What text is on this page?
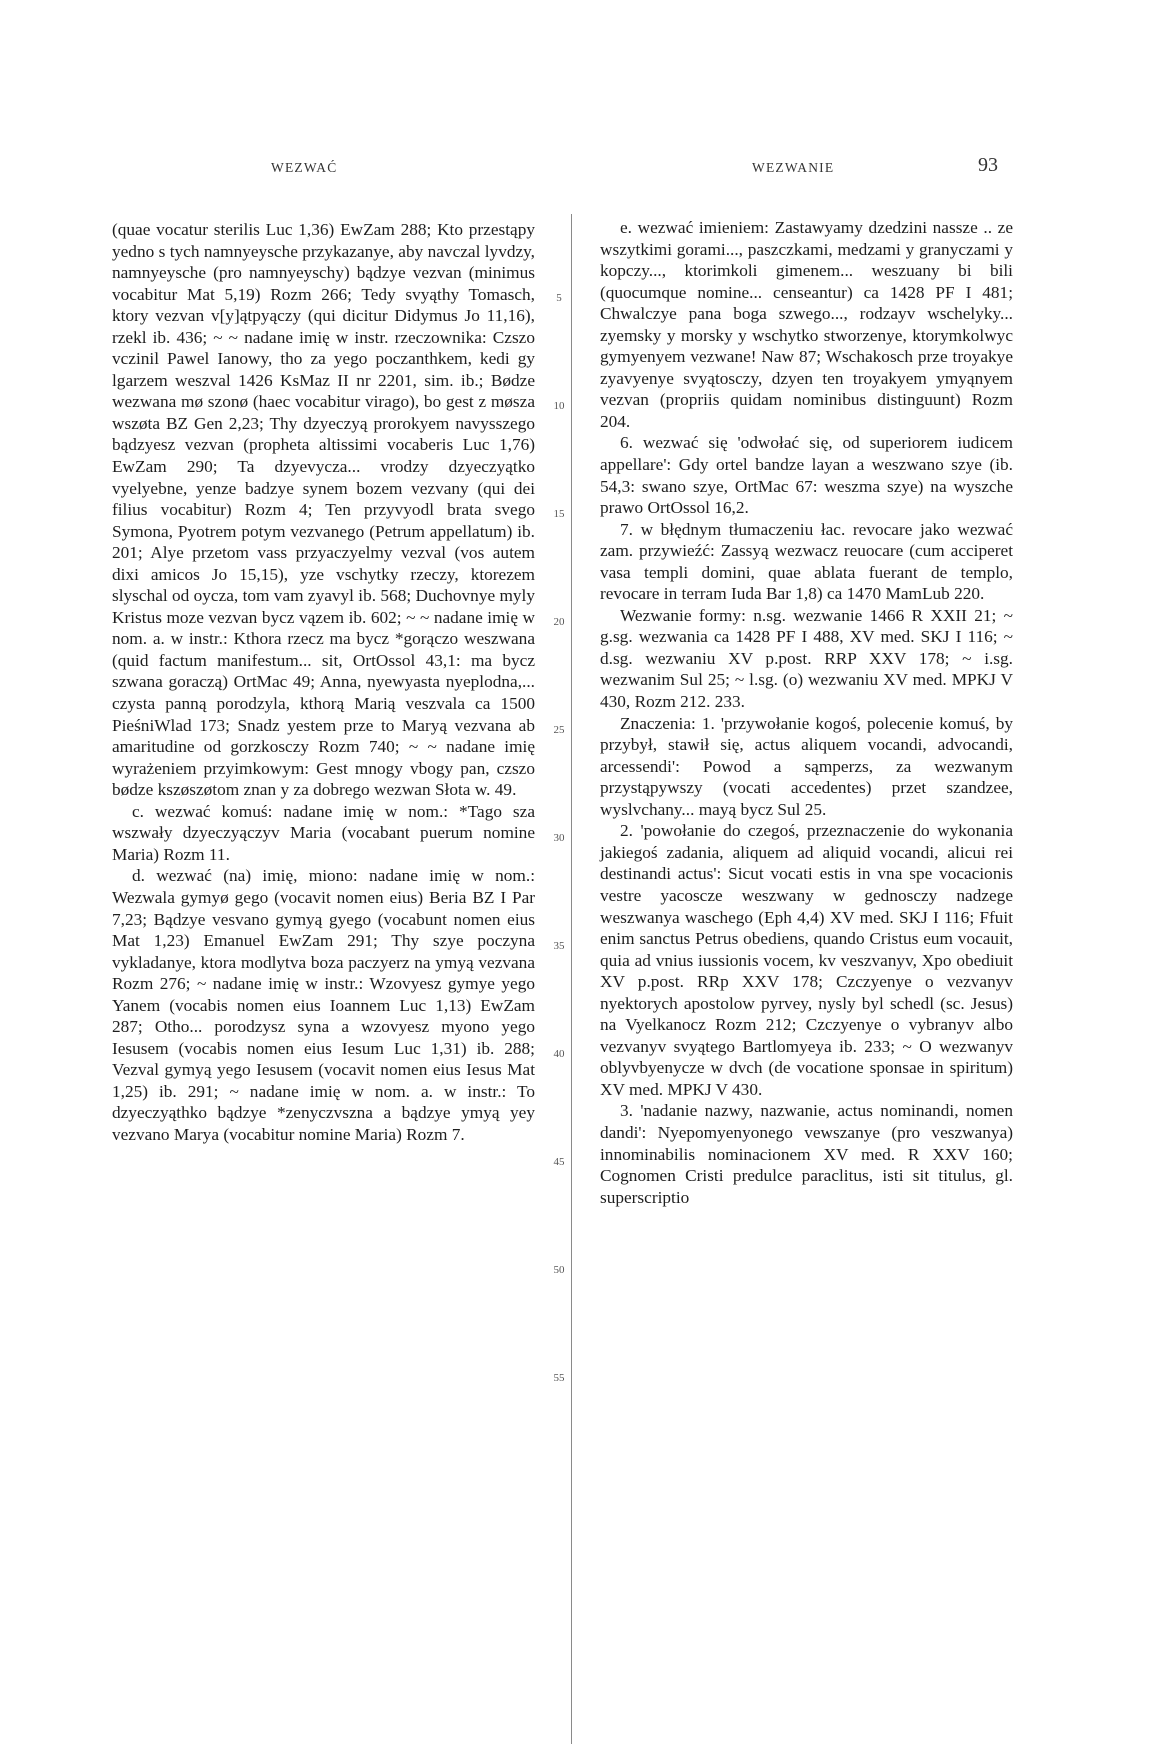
WEZWAĆ	WEZWANIE	93

(quae vocatur sterilis Luc 1,36) EwZam 288; Kto przestąpy yedno s tych namnyeysche przykazanye, aby navczal lyvdzy, namnyeysche (pro namnyeyschy) bądzye vezvan (minimus vocabitur Mat 5,19) Rozm 266; Tedy svyąthy Tomasch, ktory vezvan v[y]ątpyączy (qui dicitur Didymus Jo 11,16), rzekl ib. 436; ~ ~ nadane imię w instr. rzeczownika: Czszo vczinil Pawel Ianowy, tho za yego poczanthkem, kedi gy lgarzem weszval 1426 KsMaz II nr 2201, sim. ib.; Bødze wezwana mø szonø (haec vocabitur virago), bo gest z møsza wszøta BZ Gen 2,23; Thy dzyeczyą prorokyem navysszego bądzyesz vezvan (propheta altissimi vocaberis Luc 1,76) EwZam 290; Ta dzyevycza... vrodzy dzyeczyątko vyelyebne, yenze badzye synem bozem vezvany (qui dei filius vocabitur) Rozm 4; Ten przyvyodl brata svego Symona, Pyotrem potym vezvanego (Petrum appellatum) ib. 201; Alye przetom vass przyaczyelmy vezval (vos autem dixi amicos Jo 15,15), yze vschytky rzeczy, ktorezem slyschal od oycza, tom vam zyavyl ib. 568; Duchovnye myly Kristus moze vezvan bycz vązem ib. 602; ~ ~ nadane imię w nom. a. w instr.: Kthora rzecz ma bycz *gorączo weszwana (quid factum manifestum... sit, OrtOssol 43,1: ma bycz szwana goraczą) OrtMac 49; Anna, nyewyasta nyeplodna,... czysta panną porodzyla, kthorą Marią veszvala ca 1500 PieśniWlad 173; Snadz yestem prze to Maryą vezvana ab amaritudine od gorzkosczy Rozm 740; ~ ~ nadane imię wyrażeniem przyimkowym: Gest mnogy vbogy pan, czszo bødze kszøszøtom znan y za dobrego wezwan Słota w. 49.

c. wezwać komuś: nadane imię w nom.: *Tago sza wszwały dzyeczyączyv Maria (vocabant puerum nomine Maria) Rozm 11.

d. wezwać (na) imię, miono: nadane imię w nom.: Wezwala gymyø gego (vocavit nomen eius) Beria BZ I Par 7,23; Bądzye vesvano gymyą gyego (vocabunt nomen eius Mat 1,23) Emanuel EwZam 291; Thy szye poczyna vykladanye, ktora modlytva boza paczyerz na ymyą vezvana Rozm 276; ~ nadane imię w instr.: Wzovyesz gymye yego Yanem (vocabis nomen eius Ioannem Luc 1,13) EwZam 287; Otho... porodzysz syna a wzovyesz myono yego Iesusem (vocabis nomen eius Iesum Luc 1,31) ib. 288; Vezval gymyą yego Iesusem (vocavit nomen eius Iesus Mat 1,25) ib. 291; ~ nadane imię w nom. a. w instr.: To dzyeczyąthko bądzye *zenyczvszna a bądzye ymyą yey vezvano Marya (vocabitur nomine Maria) Rozm 7.

5
10
15
20
25
30
35
40
45
50
55

e. wezwać imieniem: Zastawyamy dzedzini nassze .. ze wszytkimi gorami..., paszczkami, medzami y granyczami y kopczy..., ktorimkoli gimenem... weszuany bi bili (quocumque nomine... censeantur) ca 1428 PF I 481; Chwalczye pana boga szwego..., rodzayv wschelyky... zyemsky y morsky y wschytko stworzenye, ktorymkolwyc gymyenyem vezwane! Naw 87; Wschakosch prze troyakye zyavyenye svyątosczy, dzyen ten troyakyem ymyąnyem vezvan (propriis quidam nominibus distinguunt) Rozm 204.

6. wezwać się 'odwołać się, od superiorem iudicem appellare': Gdy ortel bandze layan a weszwano szye (ib. 54,3: swano szye, OrtMac 67: weszma szye) na wyszche prawo OrtOssol 16,2.

7. w błędnym tłumaczeniu łac. revocare jako wezwać zam. przywieźć: Zassyą wezwacz reuocare (cum acciperet vasa templi domini, quae ablata fuerant de templo, revocare in terram Iuda Bar 1,8) ca 1470 MamLub 220.

Wezwanie formy: n.sg. wezwanie 1466 R XXII 21; ~ g.sg. wezwania ca 1428 PF I 488, XV med. SKJ I 116; ~ d.sg. wezwaniu XV p.post. RRP XXV 178; ~ i.sg. wezwanim Sul 25; ~ l.sg. (o) wezwaniu XV med. MPKJ V 430, Rozm 212. 233.

Znaczenia: 1. 'przywołanie kogoś, polecenie komuś, by przybył, stawił się, actus aliquem vocandi, advocandi, arcessendi': Powod a sąmperzs, za wezwanym przystąpywszy (vocati accedentes) przet szandzee, wyslvchany... mayą bycz Sul 25.

2. 'powołanie do czegoś, przeznaczenie do wykonania jakiegoś zadania, aliquem ad aliquid vocandi, alicui rei destinandi actus': Sicut vocati estis in vna spe vocacionis vestre yacoscze weszwany w gednosczy nadzege weszwanya waschego (Eph 4,4) XV med. SKJ I 116; Ffuit enim sanctus Petrus obediens, quando Cristus eum vocauit, quia ad vnius iussionis vocem, kv veszvanyv, Xpo obediuit XV p.post. RRp XXV 178; Czczyenye o vezvanyv nyektorych apostolow pyrvey, nysly byl schedl (sc. Jesus) na Vyelkanocz Rozm 212; Czczyenye o vybranyv albo vezvanyv svyątego Bartlomyeya ib. 233; ~ O wezwanyv oblyvbyenycze w dvch (de vocatione sponsae in spiritum) XV med. MPKJ V 430.

3. 'nadanie nazwy, nazwanie, actus nominandi, nomen dandi': Nyepomyenyonego vewszanye (pro veszwanya) innominabilis nominacionem XV med. R XXV 160; Cognomen Cristi predulce paraclitus, isti sit titulus, gl. superscriptio
